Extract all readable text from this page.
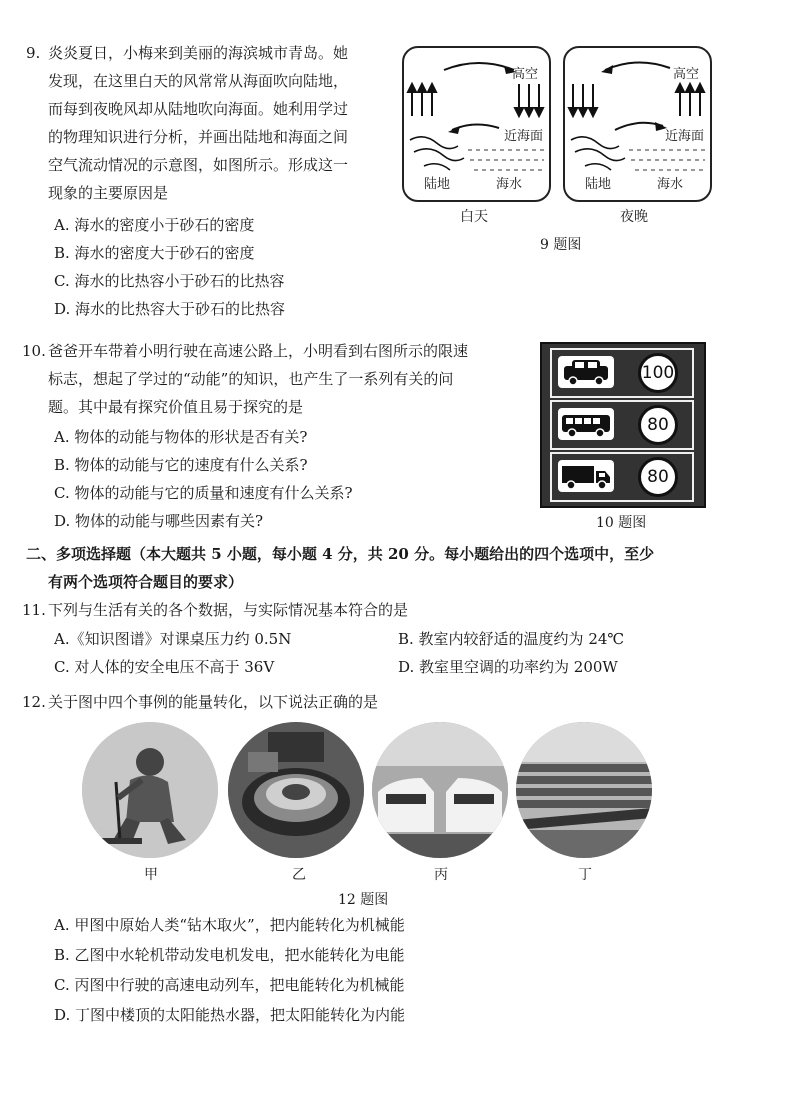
9. 炎炎夏日，小梅来到美丽的海滨城市青岛。她
发现，在这里白天的风常常从海面吹向陆地，
而每到夜晚风却从陆地吹向海面。她利用学过
的物理知识进行分析，并画出陆地和海面之间
空气流动情况的示意图，如图所示。形成这一
现象的主要原因是
A. 海水的密度小于砂石的密度
B. 海水的密度大于砂石的密度
C. 海水的比热容小于砂石的比热容
D. 海水的比热容大于砂石的比热容
高空
近海面
陆地	海水
白天
高空
近海面
陆地	海水
夜晚
9 题图
10. 爸爸开车带着小明行驶在高速公路上，小明看到右图所示的限速
标志，想起了学过的“动能”的知识，也产生了一系列有关的问
题。其中最有探究价值且易于探究的是
A. 物体的动能与物体的形状是否有关?
B. 物体的动能与它的速度有什么关系?
C. 物体的动能与它的质量和速度有什么关系?
D. 物体的动能与哪些因素有关?
100
80
80
10 题图
二、多项选择题（本大题共 5 小题，每小题 4 分，共 20 分。每小题给出的四个选项中，至少
有两个选项符合题目的要求）
11. 下列与生活有关的各个数据，与实际情况基本符合的是
A.《知识图谱》对课桌压力约 0.5N	B. 教室内较舒适的温度约为 24℃
C. 对人体的安全电压不高于 36V	D. 教室里空调的功率约为 200W
12. 关于图中四个事例的能量转化，以下说法正确的是
甲	乙	丙	丁
12 题图
A. 甲图中原始人类“钻木取火”，把内能转化为机械能
B. 乙图中水轮机带动发电机发电，把水能转化为电能
C. 丙图中行驶的高速电动列车，把电能转化为机械能
D. 丁图中楼顶的太阳能热水器，把太阳能转化为内能
